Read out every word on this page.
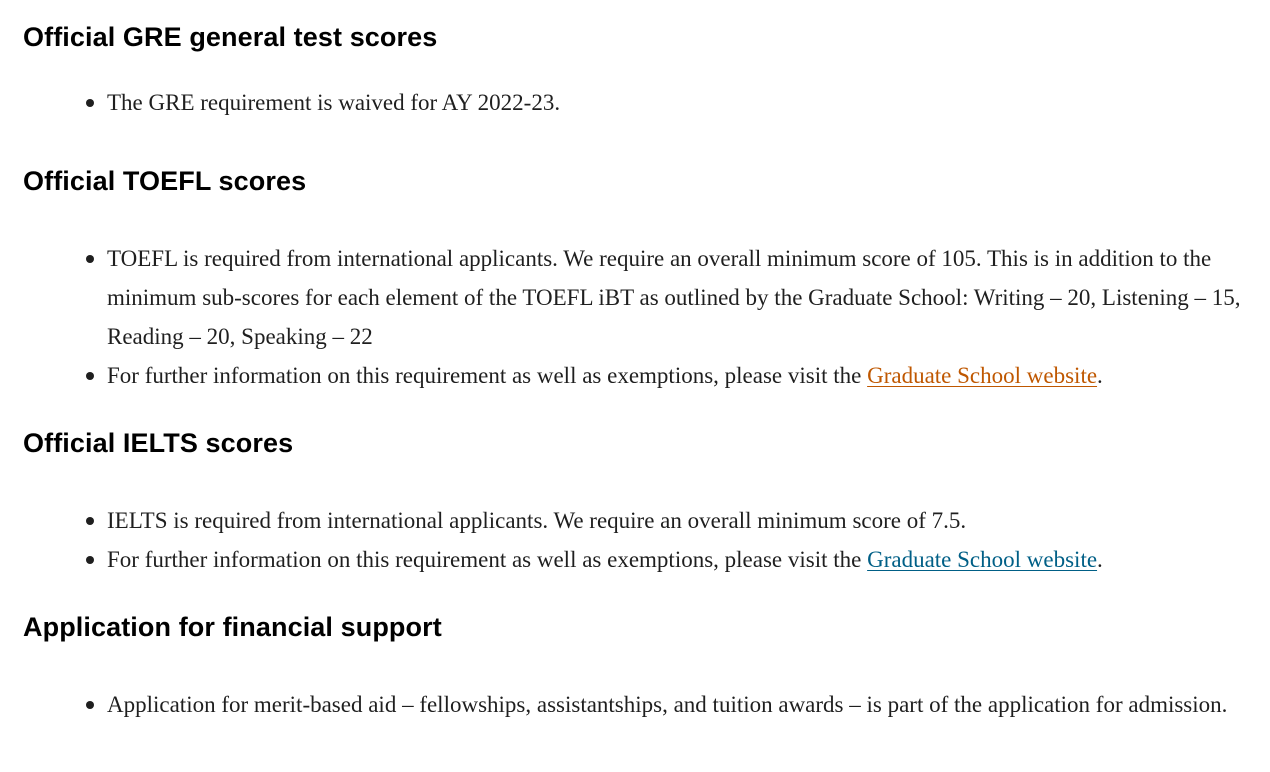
Official GRE general test scores
The GRE requirement is waived for AY 2022-23.
Official TOEFL scores
TOEFL is required from international applicants. We require an overall minimum score of 105. This is in addition to the minimum sub-scores for each element of the TOEFL iBT as outlined by the Graduate School: Writing – 20, Listening – 15, Reading – 20, Speaking – 22
For further information on this requirement as well as exemptions, please visit the Graduate School website.
Official IELTS scores
IELTS is required from international applicants. We require an overall minimum score of 7.5.
For further information on this requirement as well as exemptions, please visit the Graduate School website.
Application for financial support
Application for merit-based aid – fellowships, assistantships, and tuition awards – is part of the application for admission.
